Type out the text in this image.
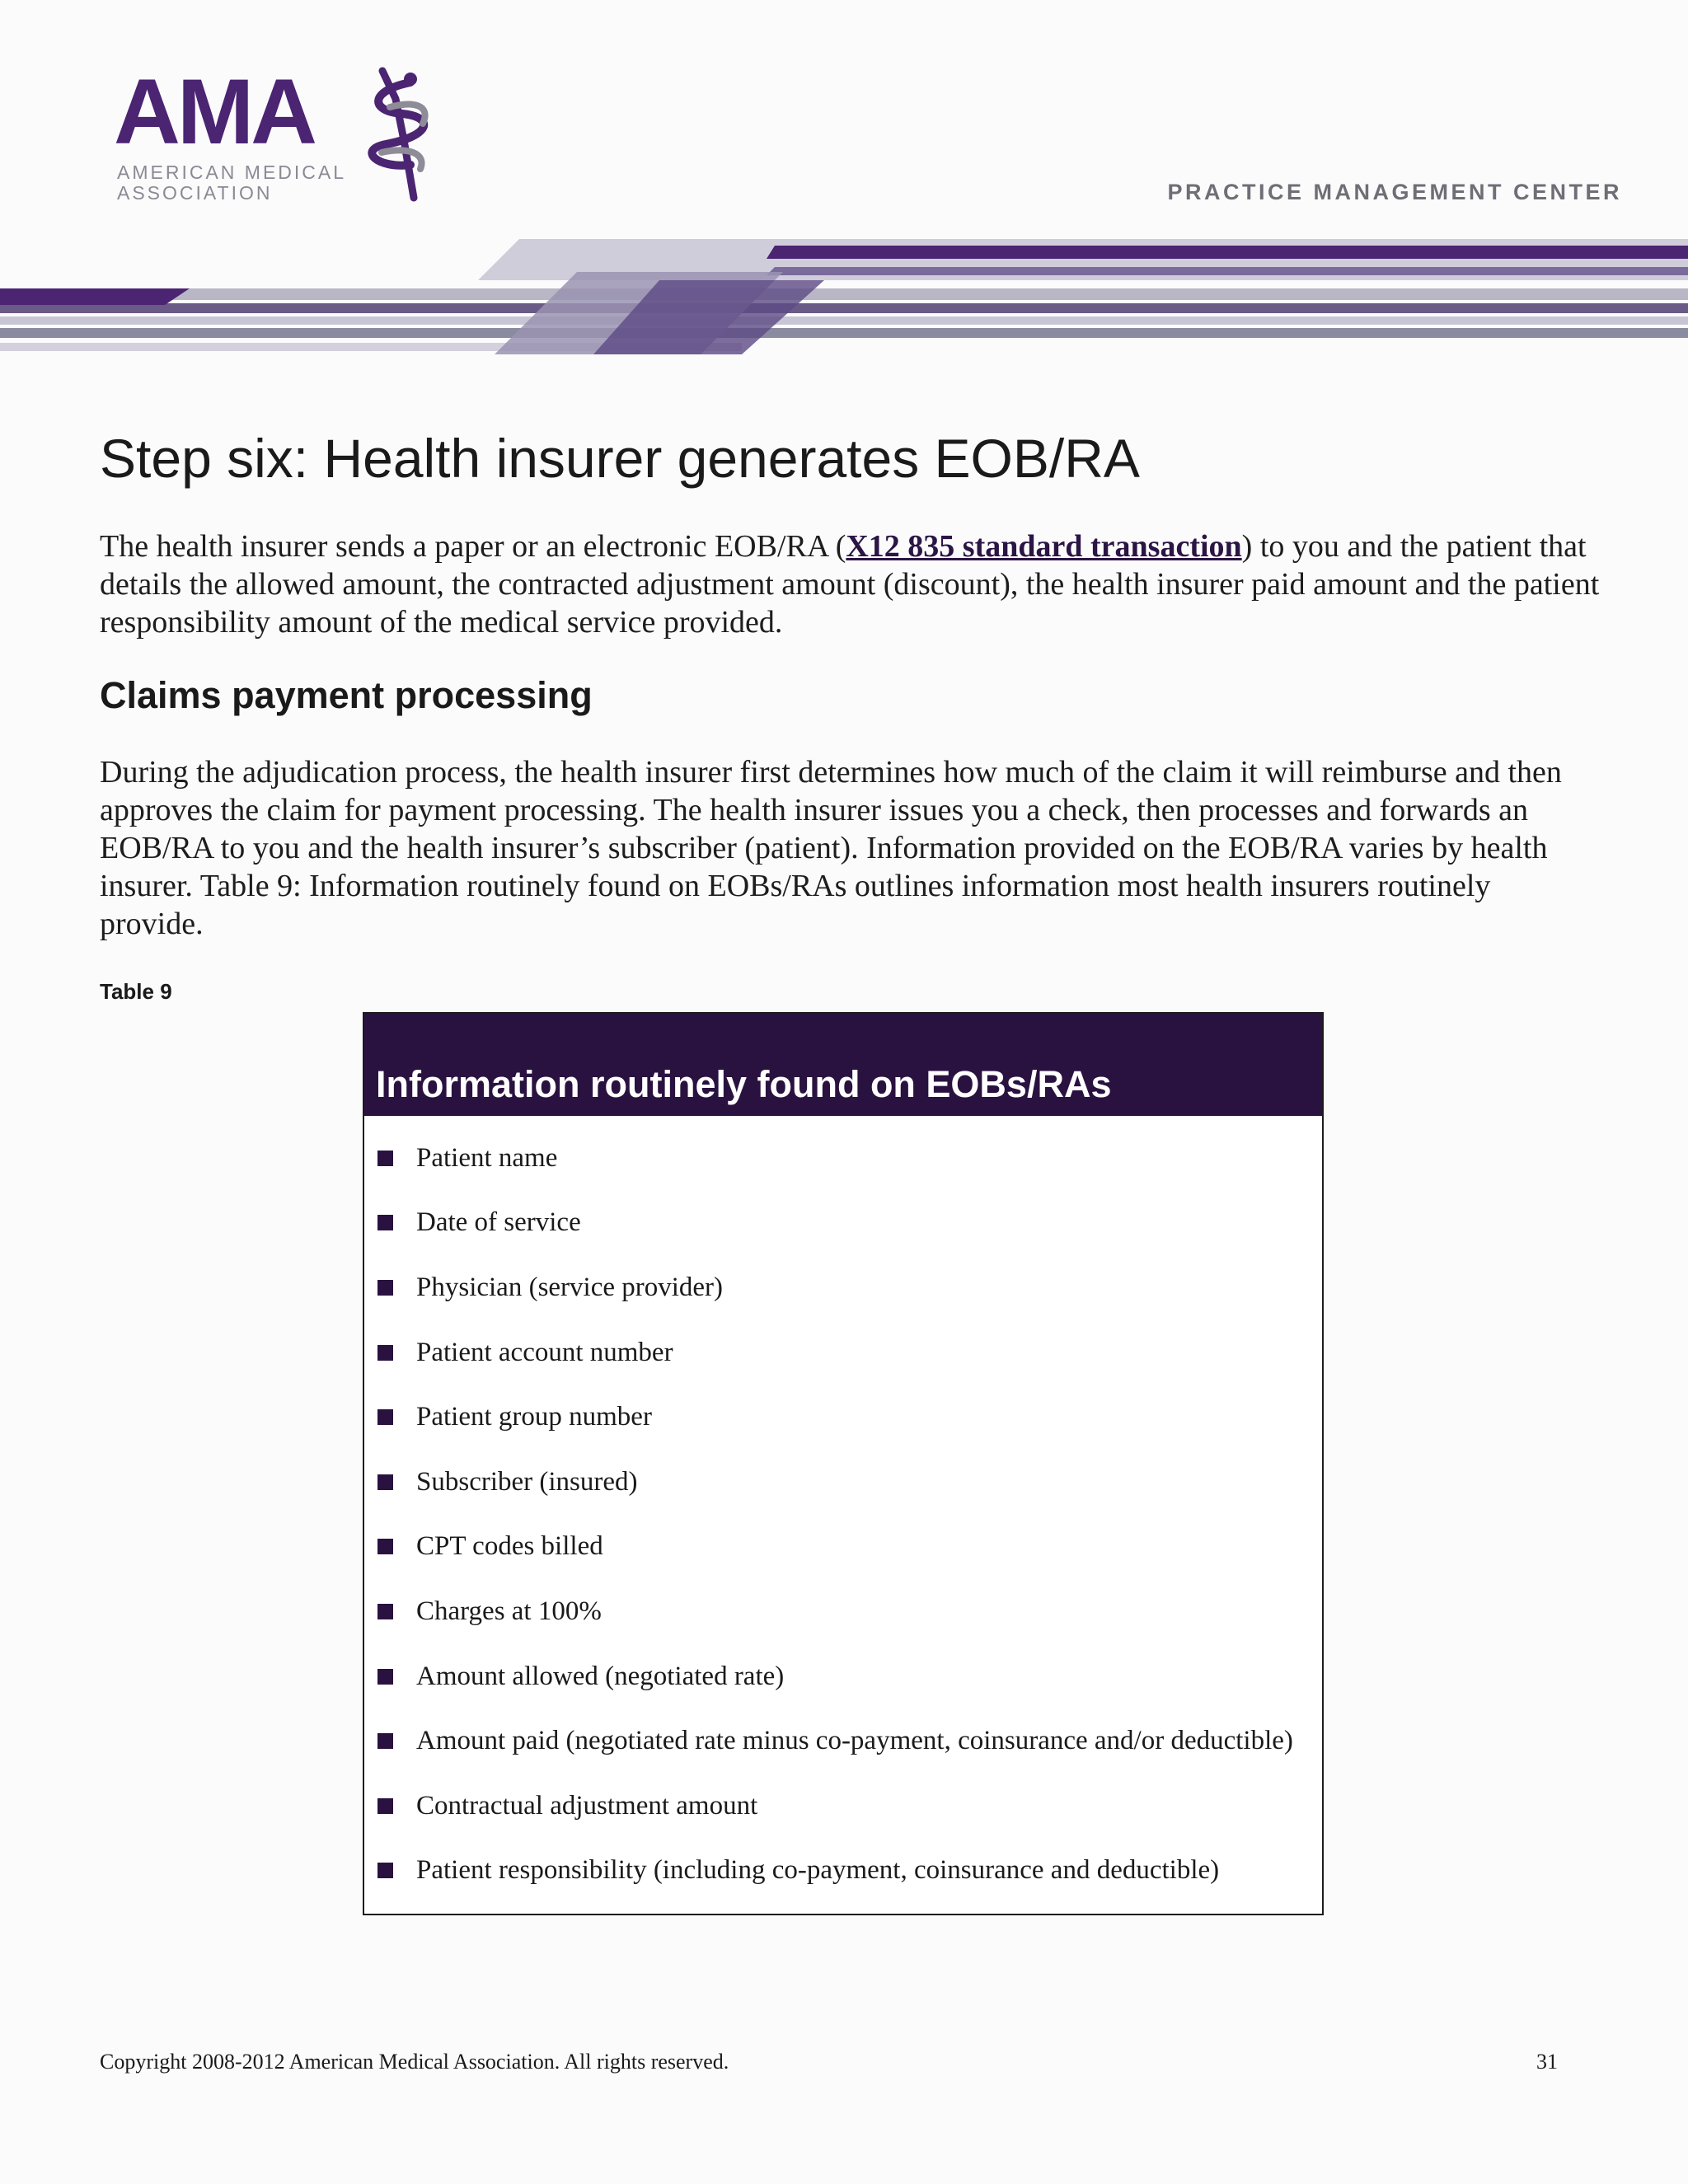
AMA
AMERICAN MEDICAL
ASSOCIATION	PRACTICE MANAGEMENT CENTER
Step six: Health insurer generates EOB/RA

The health insurer sends a paper or an electronic EOB/RA (X12 835 standard transaction) to you and the patient that details the allowed amount, the contracted adjustment amount (discount), the health insurer paid amount and the patient responsibility amount of the medical service provided.

Claims payment processing

During the adjudication process, the health insurer first determines how much of the claim it will reimburse and then approves the claim for payment processing. The health insurer issues you a check, then processes and forwards an EOB/RA to you and the health insurer’s subscriber (patient). Information provided on the EOB/RA varies by health insurer. Table 9: Information routinely found on EOBs/RAs outlines information most health insurers routinely provide.

Table 9
Information routinely found on EOBs/RAs
Patient name
Date of service
Physician (service provider)
Patient account number
Patient group number
Subscriber (insured)
CPT codes billed
Charges at 100%
Amount allowed (negotiated rate)
Amount paid (negotiated rate minus co-payment, coinsurance and/or deductible)
Contractual adjustment amount
Patient responsibility (including co-payment, coinsurance and deductible)
Copyright 2008-2012 American Medical Association. All rights reserved.	31
